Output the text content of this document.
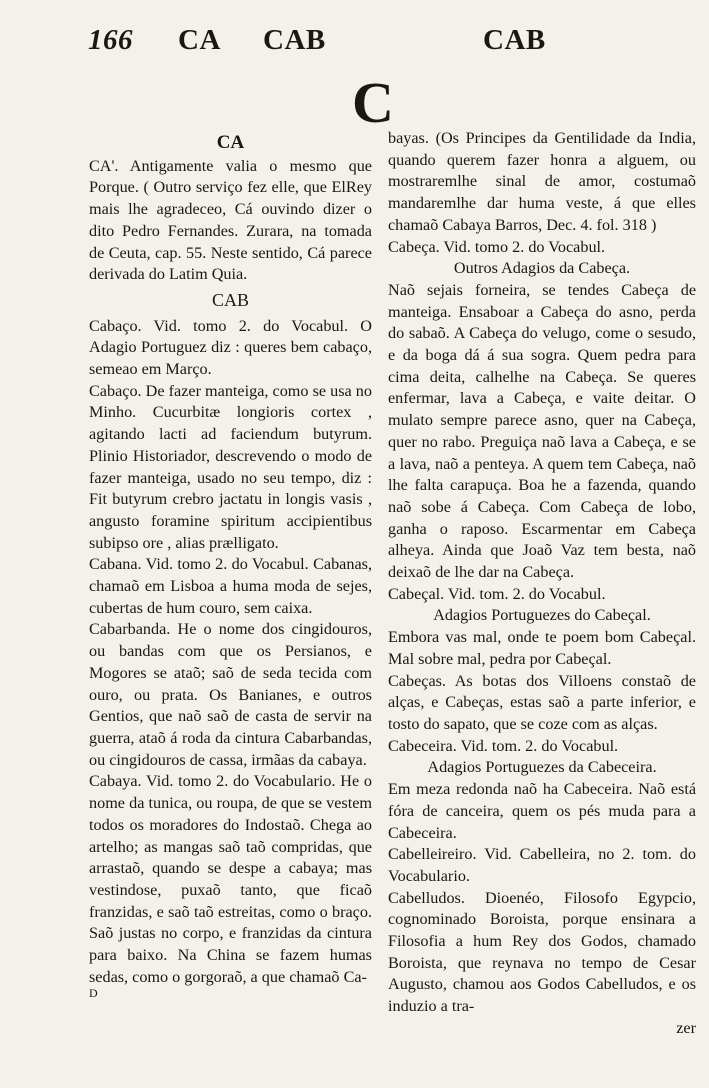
166 CA CAB	CAB
C

CA

CA'. Antigamente valia o mesmo que Porque. ( Outro serviço fez elle, que ElRey mais lhe agradeceo, Cá ouvindo dizer o dito Pedro Fernandes. Zurara, na tomada de Ceuta, cap. 55. Neste sentido, Cá parece derivada do Latim Quia.

CAB

Cabaço. Vid. tomo 2. do Vocabul. O Adagio Portuguez diz : queres bem cabaço, semeao em Março.

Cabaço. De fazer manteiga, como se usa no Minho. Cucurbitæ longioris cortex , agitando lacti ad faciendum butyrum. Plinio Historiador, descrevendo o modo de fazer manteiga, usado no seu tempo, diz : Fit butyrum crebro jactatu in longis vasis , angusto foramine spiritum accipientibus subipso ore , alias prælligato.

Cabana. Vid. tomo 2. do Vocabul. Cabanas, chamaõ em Lisboa a huma moda de sejes, cubertas de hum couro, sem caixa.

Cabarbanda. He o nome dos cingidouros, ou bandas com que os Persianos, e Mogores se ataõ; saõ de seda tecida com ouro, ou prata. Os Banianes, e outros Gentios, que naõ saõ de casta de servir na guerra, ataõ á roda da cintura Cabarbandas, ou cingidouros de cassa, irmãas da cabaya.

Cabaya. Vid. tomo 2. do Vocabulario. He o nome da tunica, ou roupa, de que se vestem todos os moradores do Indostaõ. Chega ao artelho; as mangas saõ taõ compridas, que arrastaõ, quando se despe a cabaya; mas vestindose, puxaõ tanto, que ficaõ franzidas, e saõ taõ estreitas, como o braço. Saõ justas no corpo, e franzidas da cintura para baixo. Na China se fazem humas sedas, como o gorgoraõ, a que chamaõ Ca-

bayas. (Os Principes da Gentilidade da India, quando querem fazer honra a alguem, ou mostraremlhe sinal de amor, costumaõ mandaremlhe dar huma veste, á que elles chamaõ Cabaya Barros, Dec. 4. fol. 318 )

Cabeça. Vid. tomo 2. do Vocabul.

Outros Adagios da Cabeça.

Naõ sejais forneira, se tendes Cabeça de manteiga. Ensaboar a Cabeça do asno, perda do sabaõ. A Cabeça do velugo, come o sesudo, e da boga dá á sua sogra. Quem pedra para cima deita, calhelhe na Cabeça. Se queres enfermar, lava a Cabeça, e vaite deitar. O mulato sempre parece asno, quer na Cabeça, quer no rabo. Preguiça naõ lava a Cabeça, e se a lava, naõ a penteya. A quem tem Cabeça, naõ lhe falta carapuça. Boa he a fazenda, quando naõ sobe á Cabeça. Com Cabeça de lobo, ganha o raposo. Escarmentar em Cabeça alheya. Ainda que Joaõ Vaz tem besta, naõ deixaõ de lhe dar na Cabeça.

Cabeçal. Vid. tom. 2. do Vocabul.

Adagios Portuguezes do Cabeçal.

Embora vas mal, onde te poem bom Cabeçal. Mal sobre mal, pedra por Cabeçal.

Cabeças. As botas dos Villoens constaõ de alças, e Cabeças, estas saõ a parte inferior, e tosto do sapato, que se coze com as alças.

Cabeceira. Vid. tom. 2. do Vocabul.

Adagios Portuguezes da Cabeceira.

Em meza redonda naõ ha Cabeceira. Naõ está fóra de canceira, quem os pés muda para a Cabeceira.

Cabelleireiro. Vid. Cabelleira, no 2. tom. do Vocabulario.

Cabelludos. Dioenéo, Filosofo Egypcio, cognominado Boroista, porque ensinara a Filosofia a hum Rey dos Godos, chamado Boroista, que reynava no tempo de Cesar Augusto, chamou aos Godos Cabelludos, e os induzio a tra-

zer

D
